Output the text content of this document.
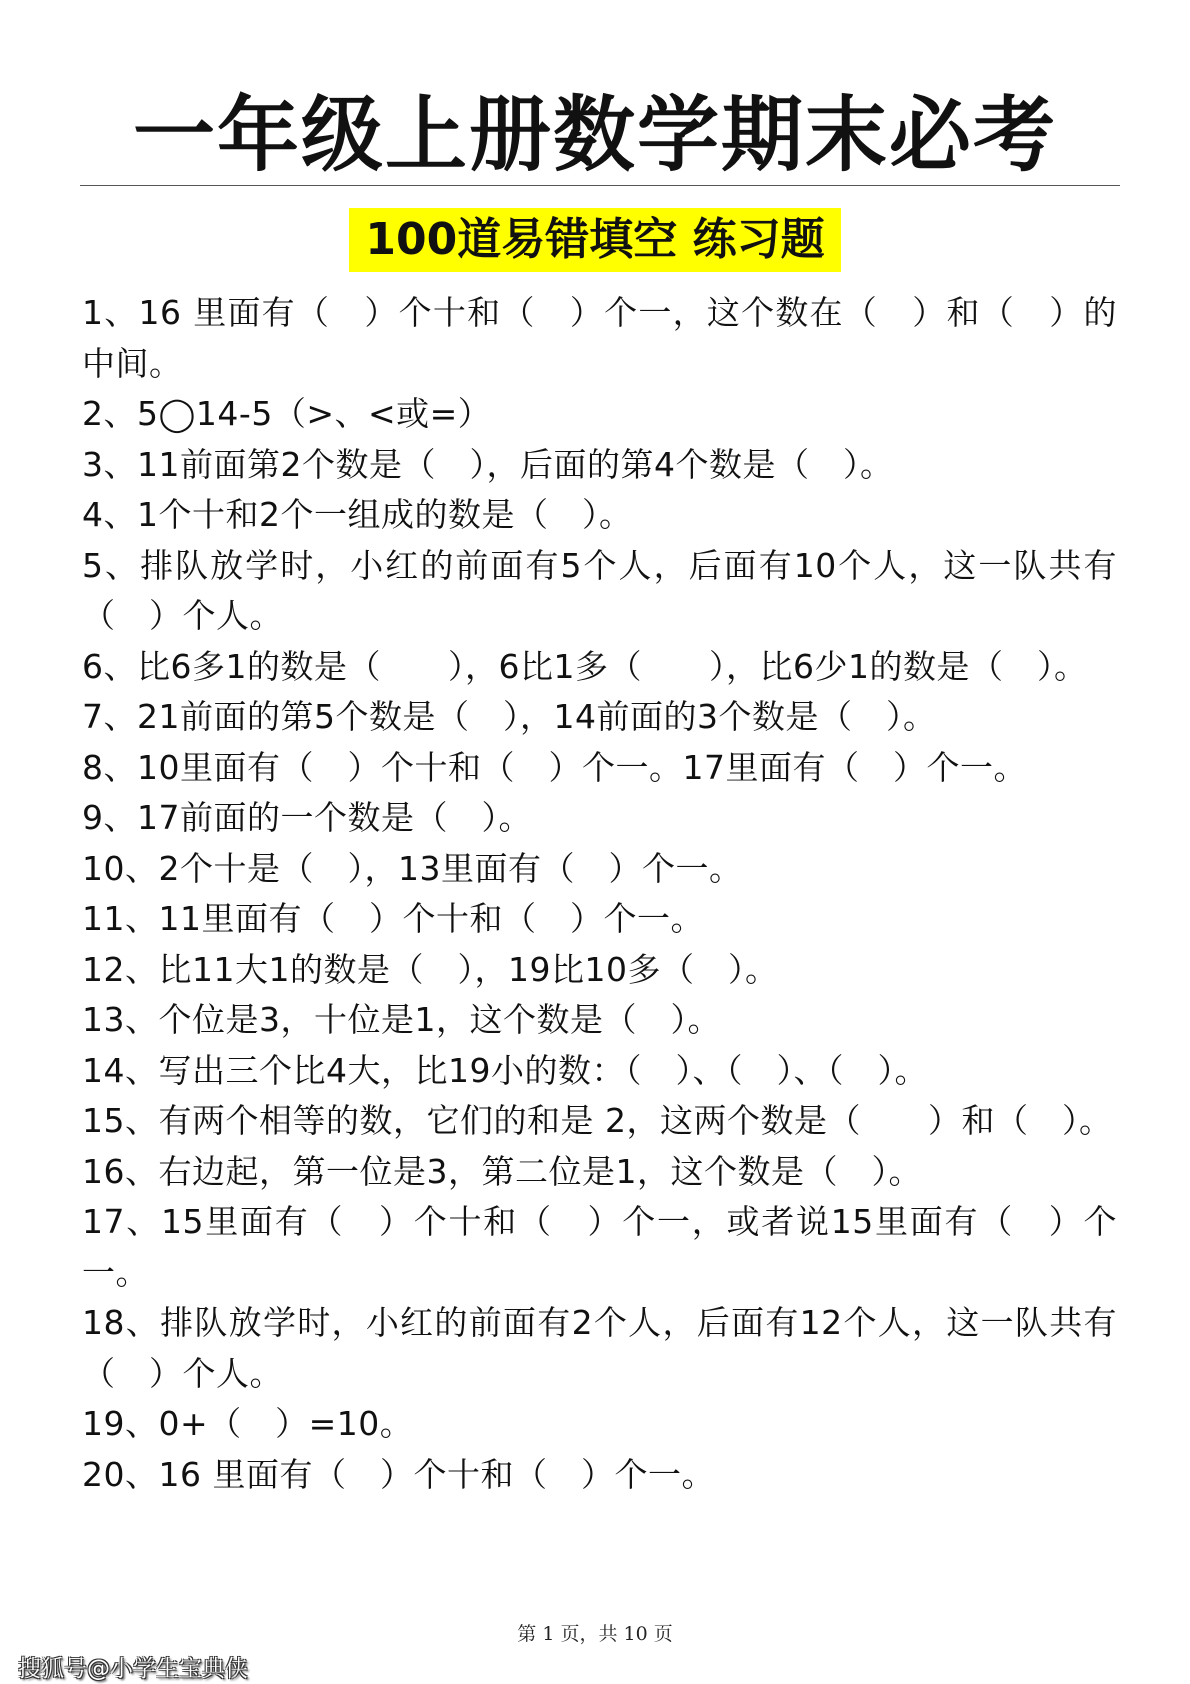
一年级上册数学期末必考
100道易错填空 练习题
1、16 里面有（　）个十和（　）个一，这个数在（　）和（　）的中间。
2、5◯14-5（>、<或=）
3、11前面第2个数是（　），后面的第4个数是（　）。
4、1个十和2个一组成的数是（　）。
5、排队放学时，小红的前面有5个人，后面有10个人，这一队共有（　）个人。
6、比6多1的数是（　　），6比1多（　　），比6少1的数是（　）。
7、21前面的第5个数是（　），14前面的3个数是（　）。
8、10里面有（　）个十和（　）个一。17里面有（　）个一。
9、17前面的一个数是（　）。
10、2个十是（　），13里面有（　）个一。
11、11里面有（　）个十和（　）个一。
12、比11大1的数是（　），19比10多（　）。
13、个位是3，十位是1，这个数是（　）。
14、写出三个比4大，比19小的数：（　）、（　）、（　）。
15、有两个相等的数，它们的和是 2，这两个数是（　　）和（　）。
16、右边起，第一位是3，第二位是1，这个数是（　）。
17、15里面有（　）个十和（　）个一，或者说15里面有（　）个一。
18、排队放学时，小红的前面有2个人，后面有12个人，这一队共有（　）个人。
19、0+（　）=10。
20、16 里面有（　）个十和（　）个一。
第 1 页，共 10 页
搜狐号@小学生宝典侠
